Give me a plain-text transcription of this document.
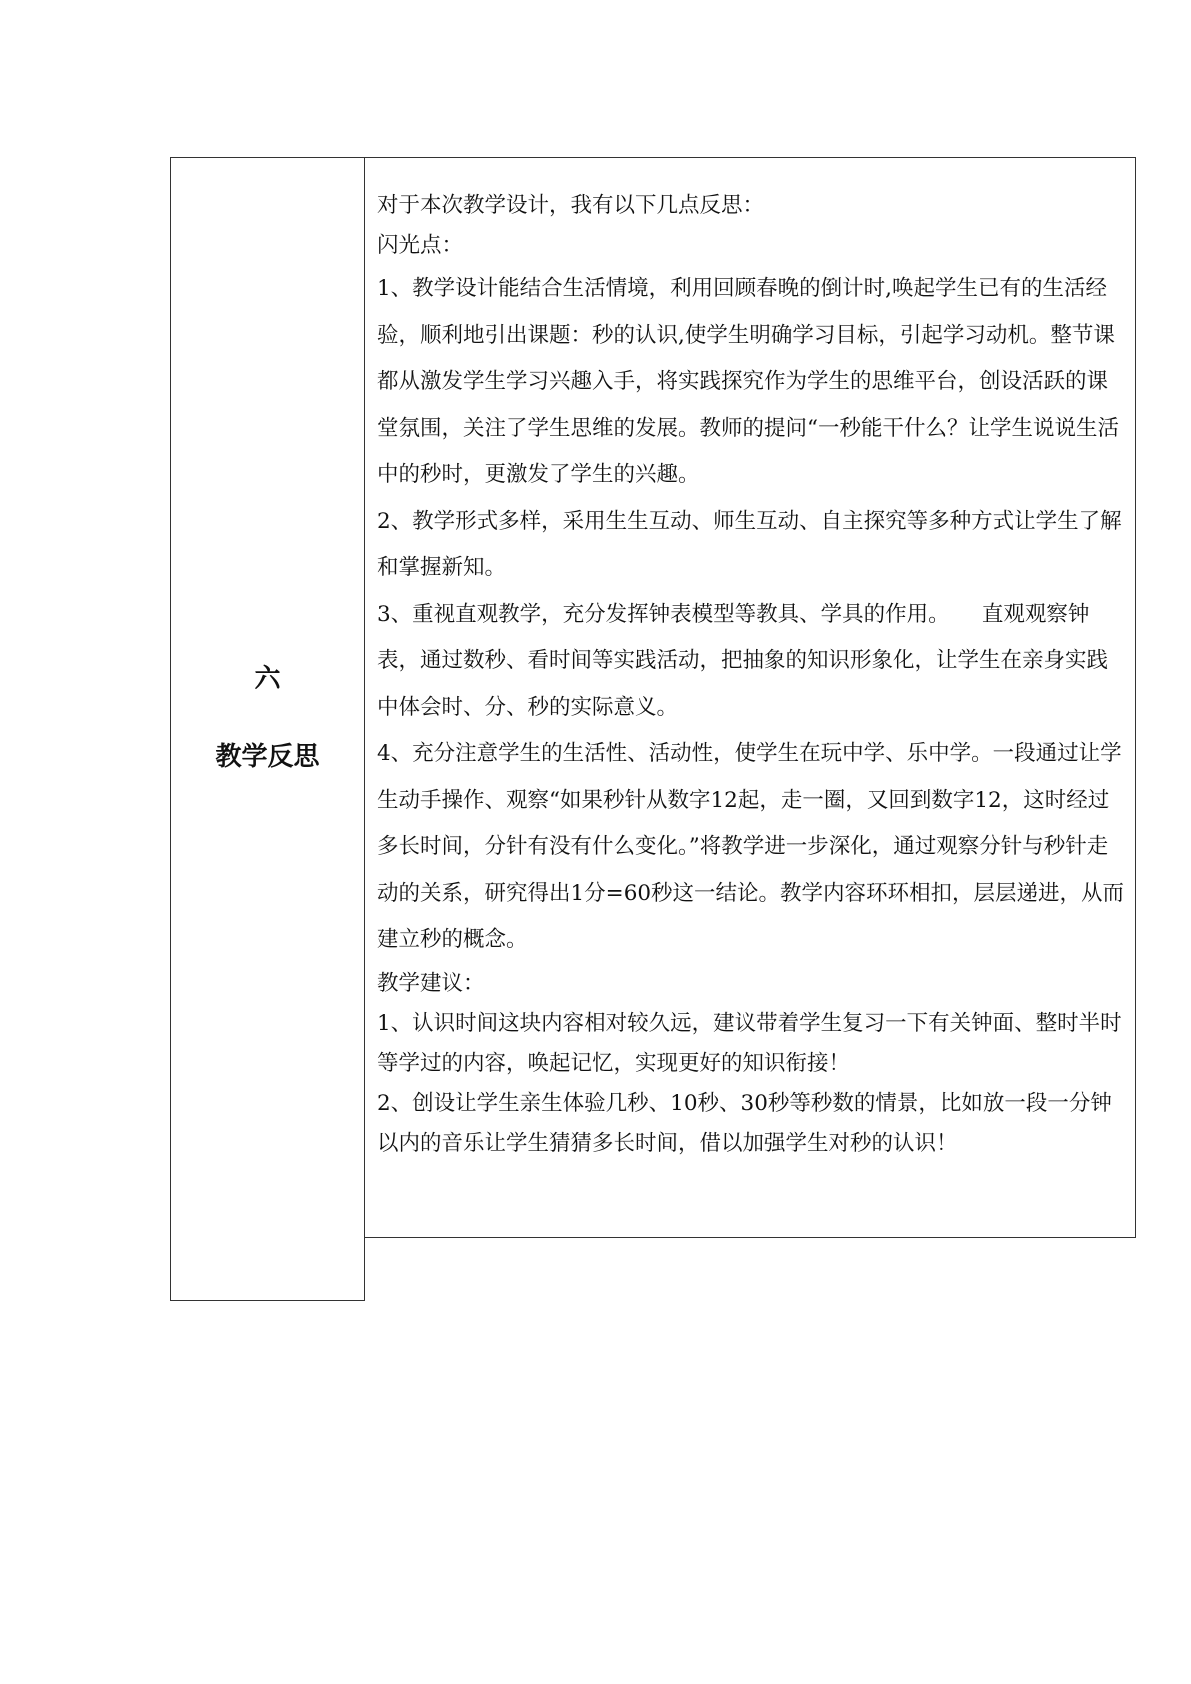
六
教学反思

对于本次教学设计，我有以下几点反思：

闪光点：

1、教学设计能结合生活情境，利用回顾春晚的倒计时,唤起学生已有的生活经验，顺利地引出课题：秒的认识,使学生明确学习目标，引起学习动机。整节课都从激发学生学习兴趣入手，将实践探究作为学生的思维平台，创设活跃的课堂氛围，关注了学生思维的发展。教师的提问“一秒能干什么？让学生说说生活中的秒时，更激发了学生的兴趣。

2、教学形式多样，采用生生互动、师生互动、自主探究等多种方式让学生了解和掌握新知。

3、重视直观教学，充分发挥钟表模型等教具、学具的作用。　　直观观察钟表，通过数秒、看时间等实践活动，把抽象的知识形象化，让学生在亲身实践中体会时、分、秒的实际意义。

4、充分注意学生的生活性、活动性，使学生在玩中学、乐中学。一段通过让学生动手操作、观察“如果秒针从数字12起，走一圈，又回到数字12，这时经过多长时间，分针有没有什么变化。”将教学进一步深化，通过观察分针与秒针走动的关系，研究得出1分=60秒这一结论。教学内容环环相扣，层层递进，从而建立秒的概念。

教学建议：

1、认识时间这块内容相对较久远，建议带着学生复习一下有关钟面、整时半时等学过的内容，唤起记忆，实现更好的知识衔接！

2、创设让学生亲生体验几秒、10秒、30秒等秒数的情景，比如放一段一分钟以内的音乐让学生猜猜多长时间，借以加强学生对秒的认识！
